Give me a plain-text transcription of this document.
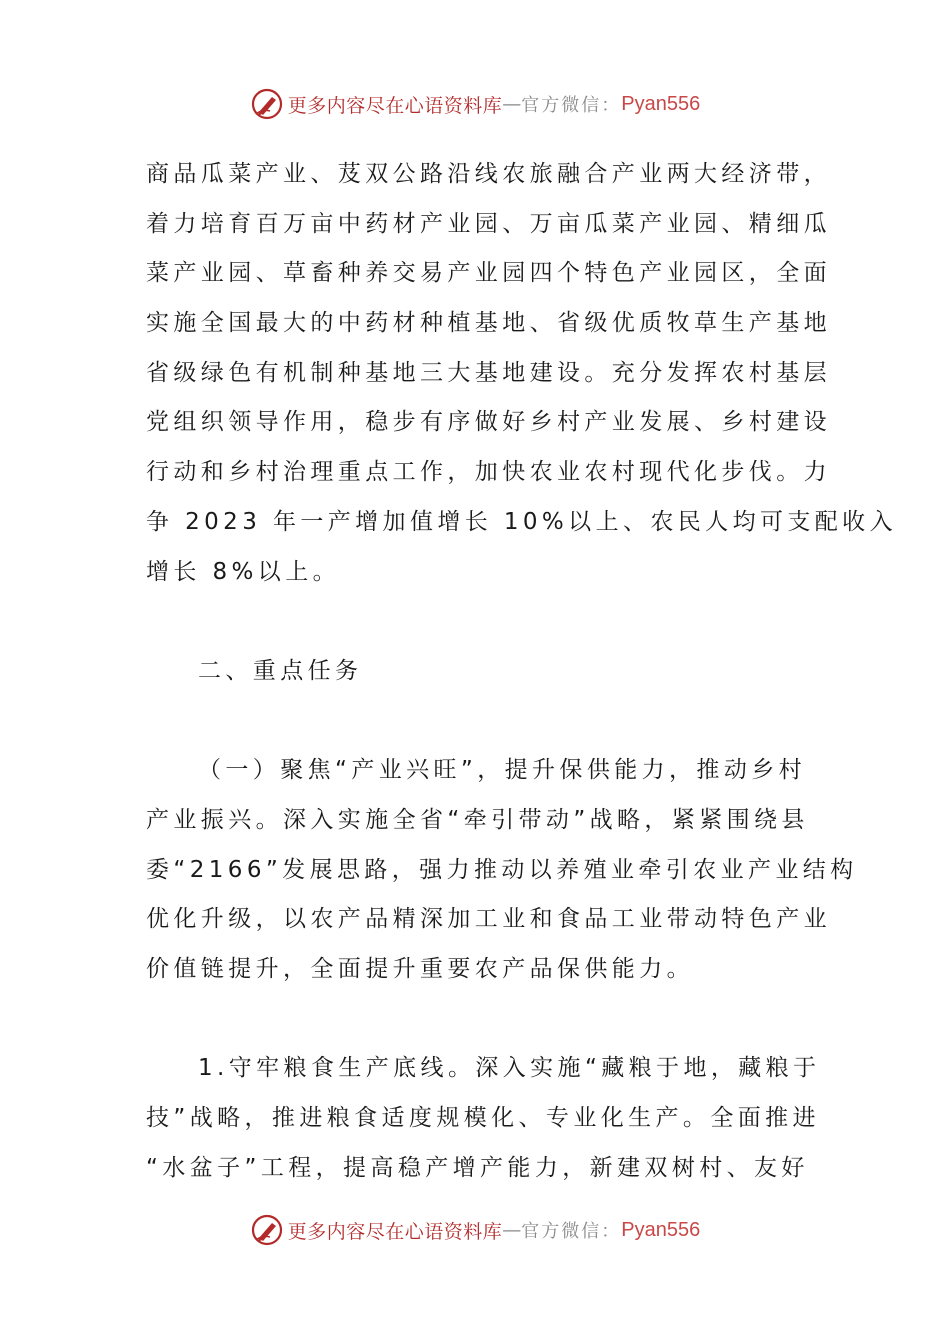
更多内容尽在心语资料库 — 官方微信： Pyan556
商品瓜菜产业、芨双公路沿线农旅融合产业两大经济带，
着力培育百万亩中药材产业园、万亩瓜菜产业园、精细瓜
菜产业园、草畜种养交易产业园四个特色产业园区，全面
实施全国最大的中药材种植基地、省级优质牧草生产基地
省级绿色有机制种基地三大基地建设。充分发挥农村基层
党组织领导作用，稳步有序做好乡村产业发展、乡村建设
行动和乡村治理重点工作，加快农业农村现代化步伐。力
争 2023 年一产增加值增长 10%以上、农民人均可支配收入
增长 8%以上。
二、重点任务
（一）聚焦“产业兴旺”，提升保供能力，推动乡村
产业振兴。深入实施全省“牵引带动”战略，紧紧围绕县
委“2166”发展思路，强力推动以养殖业牵引农业产业结构
优化升级，以农产品精深加工业和食品工业带动特色产业
价值链提升，全面提升重要农产品保供能力。
1.守牢粮食生产底线。深入实施“藏粮于地，藏粮于
技”战略，推进粮食适度规模化、专业化生产。全面推进
“水盆子”工程，提高稳产增产能力，新建双树村、友好
更多内容尽在心语资料库 — 官方微信： Pyan556
